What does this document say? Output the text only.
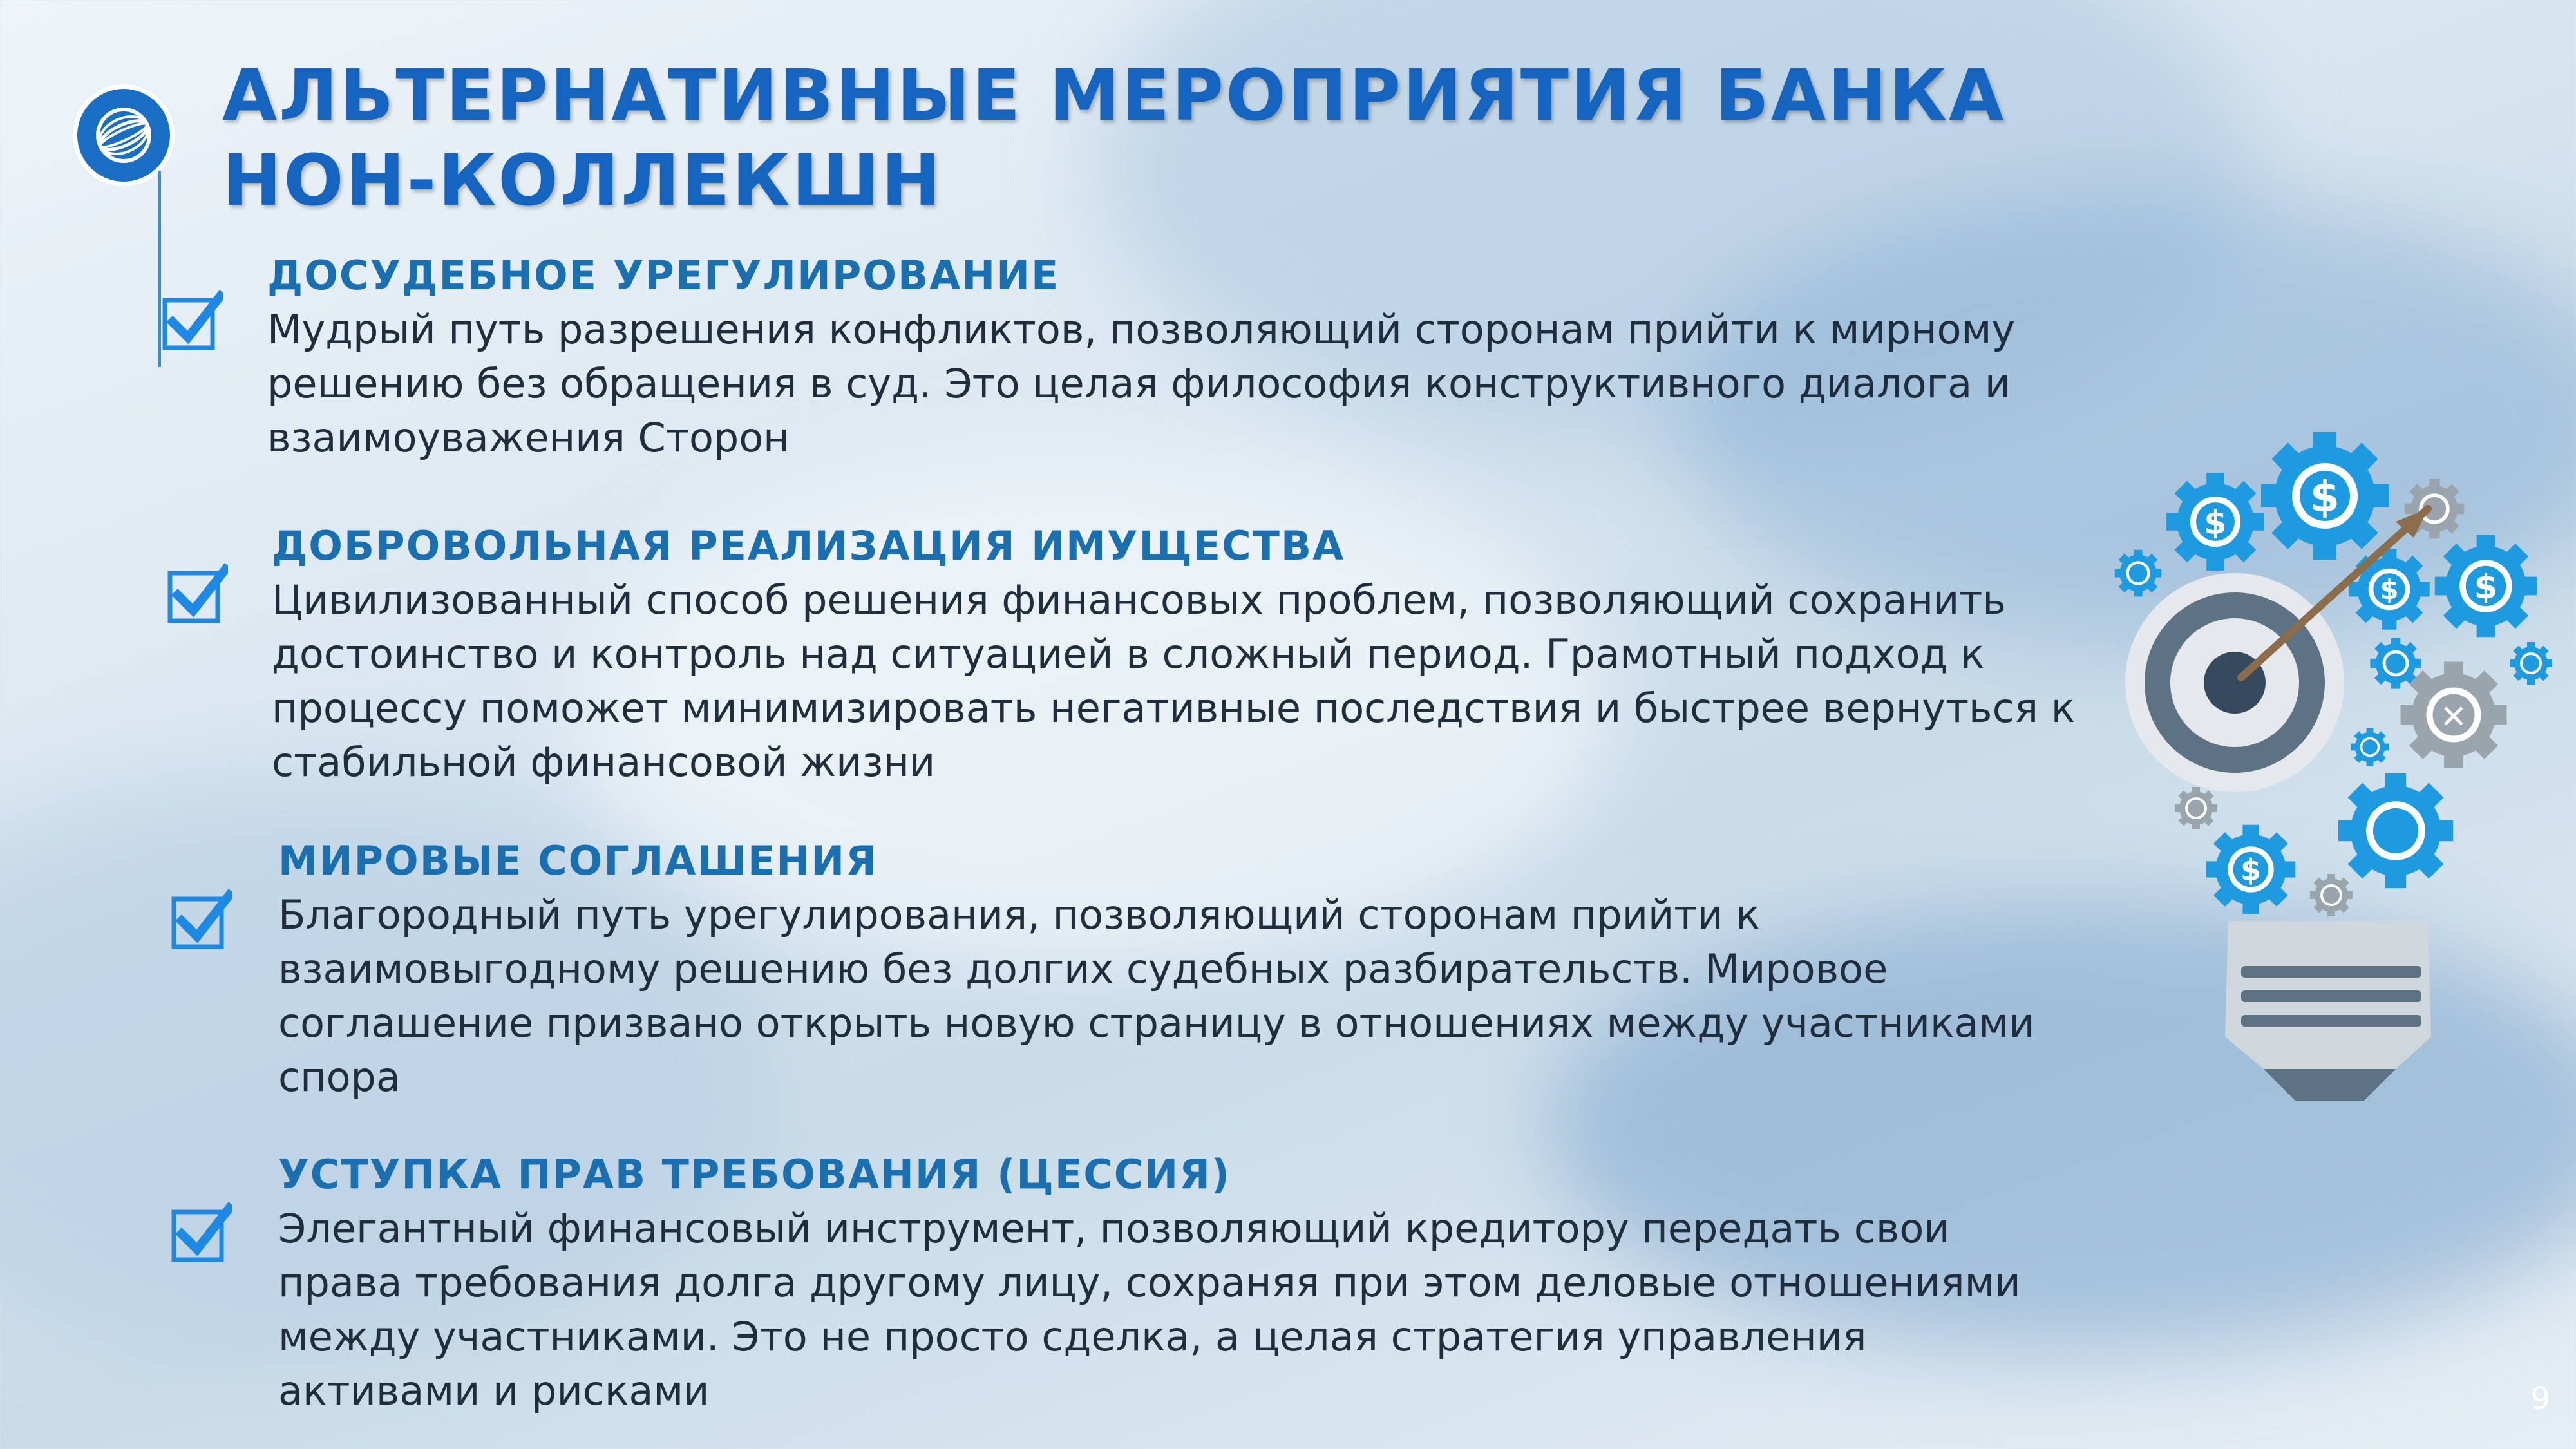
АЛЬТЕРНАТИВНЫЕ МЕРОПРИЯТИЯ БАНКА
НОН-КОЛЛЕКШН
ДОСУДЕБНОЕ УРЕГУЛИРОВАНИЕ
Мудрый путь разрешения конфликтов, позволяющий сторонам прийти к мирному
решению без обращения в суд. Это целая философия конструктивного диалога и
взаимоуважения Сторон
ДОБРОВОЛЬНАЯ РЕАЛИЗАЦИЯ ИМУЩЕСТВА
Цивилизованный способ решения финансовых проблем, позволяющий сохранить
достоинство и контроль над ситуацией в сложный период. Грамотный подход к
процессу поможет минимизировать негативные последствия и быстрее вернуться к
стабильной финансовой жизни
МИРОВЫЕ СОГЛАШЕНИЯ
Благородный путь урегулирования, позволяющий сторонам прийти к
взаимовыгодному решению без долгих судебных разбирательств. Мировое
соглашение призвано открыть новую страницу в отношениях между участниками
спора
УСТУПКА ПРАВ ТРЕБОВАНИЯ (ЦЕССИЯ)
Элегантный финансовый инструмент, позволяющий кредитору передать свои
права требования долга другому лицу, сохраняя при этом деловые отношениями
между участниками. Это не просто сделка, а целая стратегия управления
активами и рисками
$
$
$
$
✕
$
9
